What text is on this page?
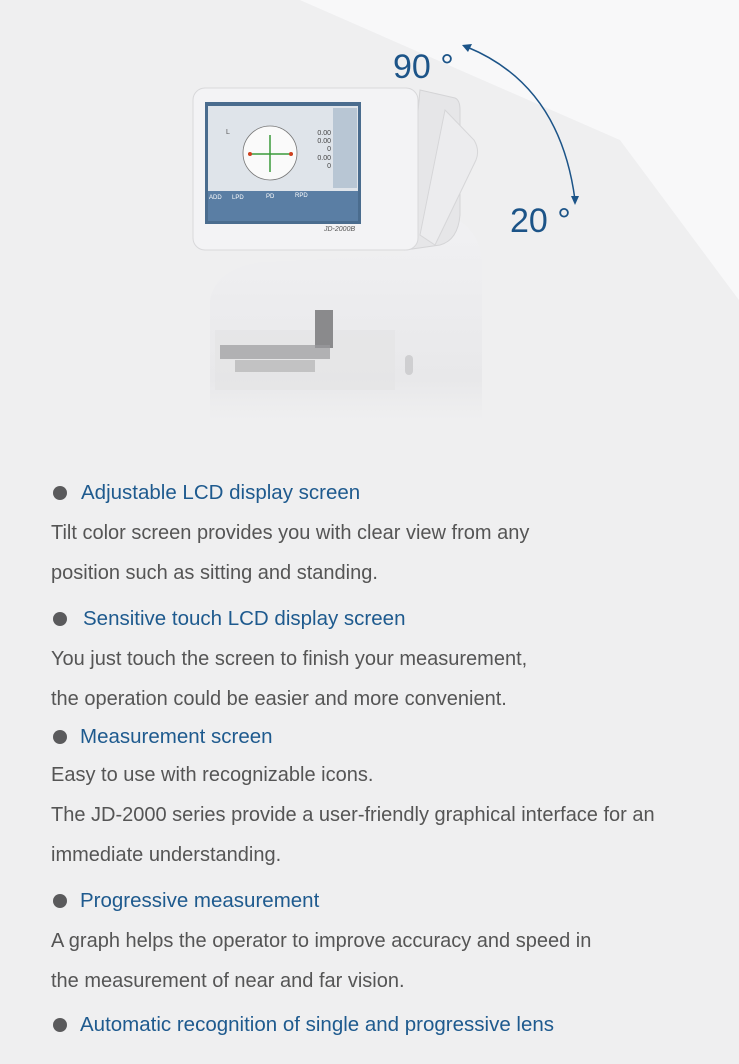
L	0.00
0.00
0
0.00
0
ADD LPD	PD	RPD
JD-2000B
90 °
20 °
Adjustable LCD display screen
Tilt color screen provides you with clear view from any
position such as sitting and standing.
Sensitive touch LCD display screen
You just touch the screen to finish your measurement,
the operation could be easier and more convenient.
Measurement screen
Easy to use with recognizable icons.
The JD-2000 series provide a user-friendly graphical interface for an
immediate understanding.
Progressive measurement
A graph helps the operator to improve accuracy and speed in
the measurement of near and far vision.
Automatic recognition of single and progressive lens
